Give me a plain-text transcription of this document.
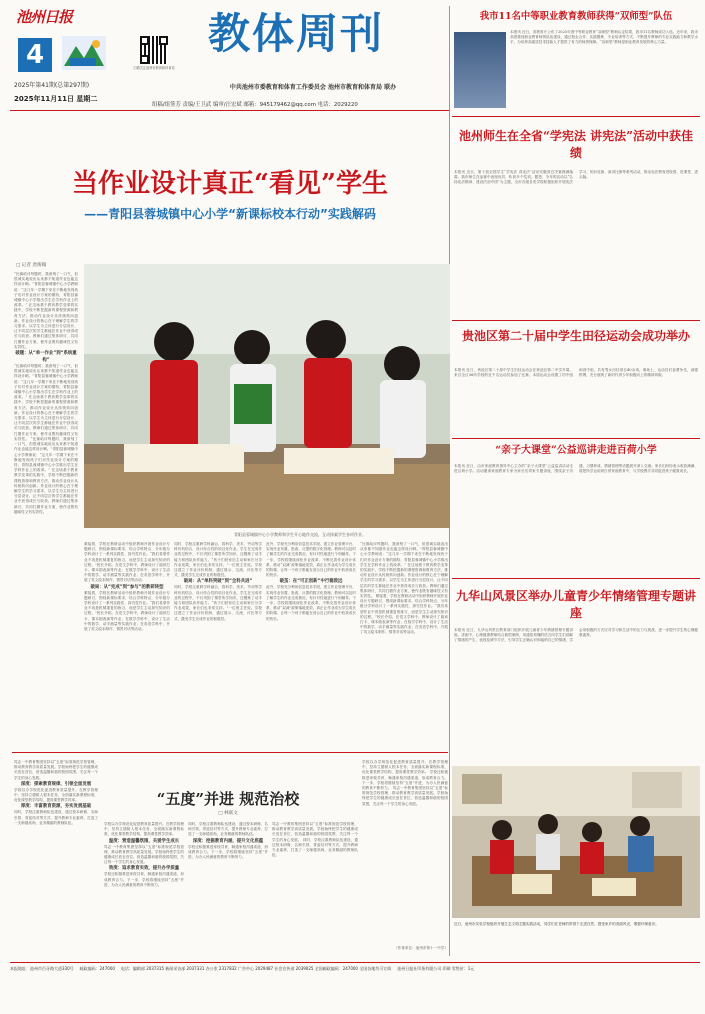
池州日报
4	扫描关注池州市教育和体育局
2025年第41期(总第297期)
2025年11月11日 星期二
教体周刊
中共池州市委教育和体育工作委员会 池州市教育和体育局 联办
组稿/组签芳 责编/王卫武 编审/汪宏斌 邮箱：945179462@qq.com 电话：2029220
我市11名中等职业教育教师获得“双师型”队伍
本报讯 近日，省教育厅公布了2025年度中等职业教育“双师型”教师认定结果，我市11名教师成功入选。近年来，我市高度重视职业教育师资队伍建设，通过校企合作、实践锻炼、专业培训等方式，不断提升教师的专业实践能力和教学水平，为培养高素质技术技能人才提供了有力的师资保障。“双师型”教师是职业教育发展的核心力量。
池州师生在全省“学宪法 讲宪法”活动中获佳绩
本报讯 近日，第十届全国学生“学宪法 讲宪法”活动安徽省总决赛圆满落幕。我市师生在参赛中表现优异，斩获多个奖项。据悉，今年的活动以“弘扬宪法精神、建设法治中国”为主题，全市各级各类学校积极组织开展宪法学习、知识竞赛、演讲比赛等系列活动，推动宪法教育进校园、进课堂、进头脑。
贵池区第二十届中学生田径运动会成功举办
本报讯 近日，贵池区第二十届中学生田径运动会在贵池区第二中学开幕。来自全区36所学校的近千名运动员参加了比赛。本届运动会设置了初中组和高中组，共有男女田径项目40余项。赛场上，运动员们奋勇争先，顽强拼搏，充分展现了新时代青少年积极向上的精神风貌。
“亲子大课堂”公益巡讲走进百荷小学
本报讯 近日，由市家庭教育指导中心主办的“亲子大课堂”公益巡讲活动走进百荷小学。活动邀请家庭教育专家为家长们带来专题讲座，围绕亲子沟通、习惯养成、情绪管理等话题展开深入交流。家长们纷纷表示收获满满，将把所学运用到日常家庭教育中，与学校携手共同促进孩子健康成长。
九华山风景区举办儿童青少年情绪管理专题讲座
本报讯 近日，九华山风景区教育部门组织开展儿童青少年情绪管理专题讲座。讲座中，心理健康教师结合典型案例，用通俗易懂的语言向学生们讲解了情绪的产生、表现及调节方法，引导学生正确认识和接纳自己的情绪，学会用积极的方式应对学习和生活中的压力与挑战，进一步提升学生的心理健康素养。
近日，池州市实验学校组织开展生态文明主题实践活动，同学们在老师的带领下走进自然，感受家乡的美丽风光，增强环保意识。
当作业设计真正“看见”学生
——青阳县蓉城镇中心小学“新课标校本行动”实践解码
□ 记者 唐俊翰
“比赛给评每题时，我深刻了一口气，但很诚实地说出从来都不知道作业也能这样设计啊。”青阳县蓉城镇中心小学教师说：“这几年一学期下来在不断地发现孩子们对作业设计方案的期待，青阳县蓉城镇中心小学推出学生在学科作业上的改革。” 在这场基于教育教学变革的实践中，学校不断挖掘新的课程资源和教育方法，推动作业设计从传统转向创新。作业设计的核心在于理解学生的学习需求，以学生为主体进行分层设计，让不同层次的学生都能在作业中获得成长与收获。教师们通过集体研讨，共同打磨作业方案，使作业既有趣味性又有实效性。
破题：从“单一作业”到“系统重构”
“比赛给评每题时，我深刻了一口气，但很诚实地说出从来都不知道作业也能这样设计啊。”青阳县蓉城镇中心小学教师说：“这几年一学期下来在不断地发现孩子们对作业设计方案的期待，青阳县蓉城镇中心小学推出学生在学科作业上的改革。” 在这场基于教育教学变革的实践中，学校不断挖掘新的课程资源和教育方法，推动作业设计从传统转向创新。作业设计的核心在于理解学生的学习需求，以学生为主体进行分层设计，让不同层次的学生都能在作业中获得成长与收获。教师们通过集体研讨，共同打磨作业方案，使作业既有趣味性又有实效性。 “比赛给评每题时，我深刻了一口气，但很诚实地说出从来都不知道作业也能这样设计啊。”青阳县蓉城镇中心小学教师说：“这几年一学期下来在不断地发现孩子们对作业设计方案的期待，青阳县蓉城镇中心小学推出学生在学科作业上的改革。” 在这场基于教育教学变革的实践中，学校不断挖掘新的课程资源和教育方法，推动作业设计从传统转向创新。作业设计的核心在于理解学生的学习需求，以学生为主体进行分层设计，让不同层次的学生都能在作业中获得成长与收获。教师们通过集体研讨，共同打磨作业方案，使作业既有趣味性又有实效性。
青阳县蓉城镇中心小学教师和学生开心地作交流，互动探索学生各项作业。
紧接着，学校在教研活动中组织教师开展作业设计专题研讨，围绕新课标要求，结合学科特点，分年级分学科设计了一系列实践性、探究性作业。“我们希望作业不再是机械重复的练习，而是学生主动探究知识的过程。”校长介绍。在语文学科中，教师设计了阅读打卡、课本剧表演等作业；在数学学科中，设计了生活中的数学、动手测量等实践作业；在英语学科中，开展了英文绘本制作、情景对话等活动。
破局：从“完成”到“参与”的教研转型
紧接着，学校在教研活动中组织教师开展作业设计专题研讨，围绕新课标要求，结合学科特点，分年级分学科设计了一系列实践性、探究性作业。“我们希望作业不再是机械重复的练习，而是学生主动探究知识的过程。”校长介绍。在语文学科中，教师设计了阅读打卡、课本剧表演等作业；在数学学科中，设计了生活中的数学、动手测量等实践作业；在英语学科中，开展了英文绘本制作、情景对话等活动。
同时，学校注重跨学科融合，将科学、美术、劳动等学科有机结合，设计综合性的项目化作业。学生在完成作业的过程中，不仅巩固了课堂所学知识，还锻炼了动手能力和团队协作能力。“孩子们回家后主动和家长分享作业成果，家长们也非常支持。”一位班主任说。学校还建立了作业评价机制，通过展示、交流、评比等方式，激发学生完成作业的积极性。
破局：从“单科突破”到“全科共进”
同时，学校注重跨学科融合，将科学、美术、劳动等学科有机结合，设计综合性的项目化作业。学生在完成作业的过程中，不仅巩固了课堂所学知识，还锻炼了动手能力和团队协作能力。“孩子们回家后主动和家长分享作业成果，家长们也非常支持。”一位班主任说。学校还建立了作业评价机制，通过展示、交流、评比等方式，激发学生完成作业的积极性。
此外，学校充分利用信息技术手段，建立作业管理平台，实现作业布置、批改、反馈的数字化管理。教师可以及时了解学生的作业完成情况，有针对性地进行个别辅导。下一步，学校将继续深化作业改革，不断完善作业设计体系，推动“双减”政策落地见效，真正让作业成为学生成长的阶梯，让每一个孩子都能在适合自己的作业中收获成长的快乐。
破茧：在“可正创新”中行稳致远
此外，学校充分利用信息技术手段，建立作业管理平台，实现作业布置、批改、反馈的数字化管理。教师可以及时了解学生的作业完成情况，有针对性地进行个别辅导。下一步，学校将继续深化作业改革，不断完善作业设计体系，推动“双减”政策落地见效，真正让作业成为学生成长的阶梯，让每一个孩子都能在适合自己的作业中收获成长的快乐。
“比赛给评每题时，我深刻了一口气，但很诚实地说出从来都不知道作业也能这样设计啊。”青阳县蓉城镇中心小学教师说：“这几年一学期下来在不断地发现孩子们对作业设计方案的期待，青阳县蓉城镇中心小学推出学生在学科作业上的改革。” 在这场基于教育教学变革的实践中，学校不断挖掘新的课程资源和教育方法，推动作业设计从传统转向创新。作业设计的核心在于理解学生的学习需求，以学生为主体进行分层设计，让不同层次的学生都能在作业中获得成长与收获。教师们通过集体研讨，共同打磨作业方案，使作业既有趣味性又有实效性。 紧接着，学校在教研活动中组织教师开展作业设计专题研讨，围绕新课标要求，结合学科特点，分年级分学科设计了一系列实践性、探究性作业。“我们希望作业不再是机械重复的练习，而是学生主动探究知识的过程。”校长介绍。在语文学科中，教师设计了阅读打卡、课本剧表演等作业；在数学学科中，设计了生活中的数学、动手测量等实践作业；在英语学科中，开展了英文绘本制作、情景对话等活动。
笃志一中教育集团坚持以“五度”标准规范学校管理，推动教育教学高质量发展。学校始终把学生的健康成长放在首位，营造温馨和谐的校园氛围，关注每一个学生的身心发展。
深度：探索教育规律，引领全面发展
学校以办学规范化促进教育质量提升。在教学管理中，坚持立德树人根本任务，全面落实新课程标准，优化课堂教学结构，提高课堂教学效率。
厚度：丰富教育资源，夯实发展基础
同时，学校注重教师队伍建设，通过校本研修、名师引领、青蓝结对等方式，提升教师专业素养，打造了一支师德高尚、业务精湛的教师队伍。
“五度”并进 规范治校
□ 林联文
学校以办学规范化促进教育质量提升。在教学管理中，坚持立德树人根本任务，全面落实新课程标准，优化课堂教学结构，提高课堂教学效率。
温度：营造温馨氛围，关爱学生成长
笃志一中教育集团坚持以“五度”标准规范学校管理，推动教育教学高质量发展。学校始终把学生的健康成长放在首位，营造温馨和谐的校园氛围，关注每一个学生的身心发展。
效度：追求教育实效，提升办学质量
学校还积极推进家校共育，畅通家校沟通渠道，形成教育合力。下一步，学校将继续坚持“五度”并进，为办人民满意的教育不断努力。
同时，学校注重教师队伍建设，通过校本研修、名师引领、青蓝结对等方式，提升教师专业素养，打造了一支师德高尚、业务精湛的教师队伍。
深度：挖掘教育内涵，提升文化底蕴
学校还积极推进家校共育，畅通家校沟通渠道，形成教育合力。下一步，学校将继续坚持“五度”并进，为办人民满意的教育不断努力。
笃志一中教育集团坚持以“五度”标准规范学校管理，推动教育教学高质量发展。学校始终把学生的健康成长放在首位，营造温馨和谐的校园氛围，关注每一个学生的身心发展。 同时，学校注重教师队伍建设，通过校本研修、名师引领、青蓝结对等方式，提升教师专业素养，打造了一支师德高尚、业务精湛的教师队伍。
学校以办学规范化促进教育质量提升。在教学管理中，坚持立德树人根本任务，全面落实新课程标准，优化课堂教学结构，提高课堂教学效率。 学校还积极推进家校共育，畅通家校沟通渠道，形成教育合力。下一步，学校将继续坚持“五度”并进，为办人民满意的教育不断努力。 笃志一中教育集团坚持以“五度”标准规范学校管理，推动教育教学高质量发展。学校始终把学生的健康成长放在首位，营造温馨和谐的校园氛围，关注每一个学生的身心发展。
（作者单位：池州市第十一中学）
本报地址：池州市百牙路大道330号 邮政编码：247000 电话：编辑部 2037315 新闻采访部 2037331 办公室 2317832 广告中心 2029487 社会宣传部 2039025 全国邮政编码：247000 全国各地均可订阅 池州日报社印务有限公司 印刷 零售价：1元
